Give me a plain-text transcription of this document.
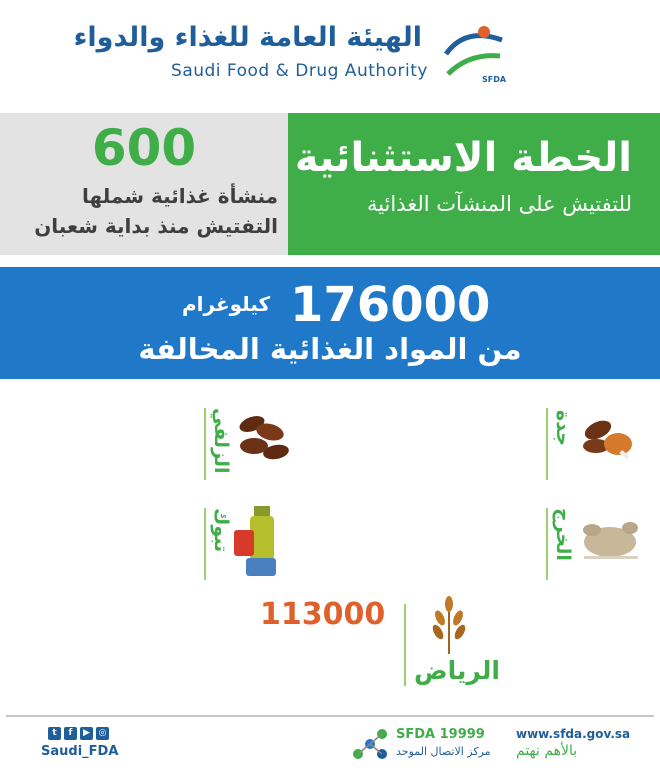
الهيئة العامة للغذاء والدواء
Saudi Food & Drug Authority	SFDA
600
منشأة غذائية شملها
التفتيش منذ بداية شعبان
الخطة الاستثنائية
للتفتيش على المنشآت الغذائية
176000
كيلوغرام
من المواد الغذائية المخالفة
جدة
الزلفي
الخرج
تبوك
113000
الرياض
t	f	▶ ◎
Saudi_FDA
SFDA 19999
مركز الاتصال الموحد
www.sfda.gov.sa
بالأهم نهتم
